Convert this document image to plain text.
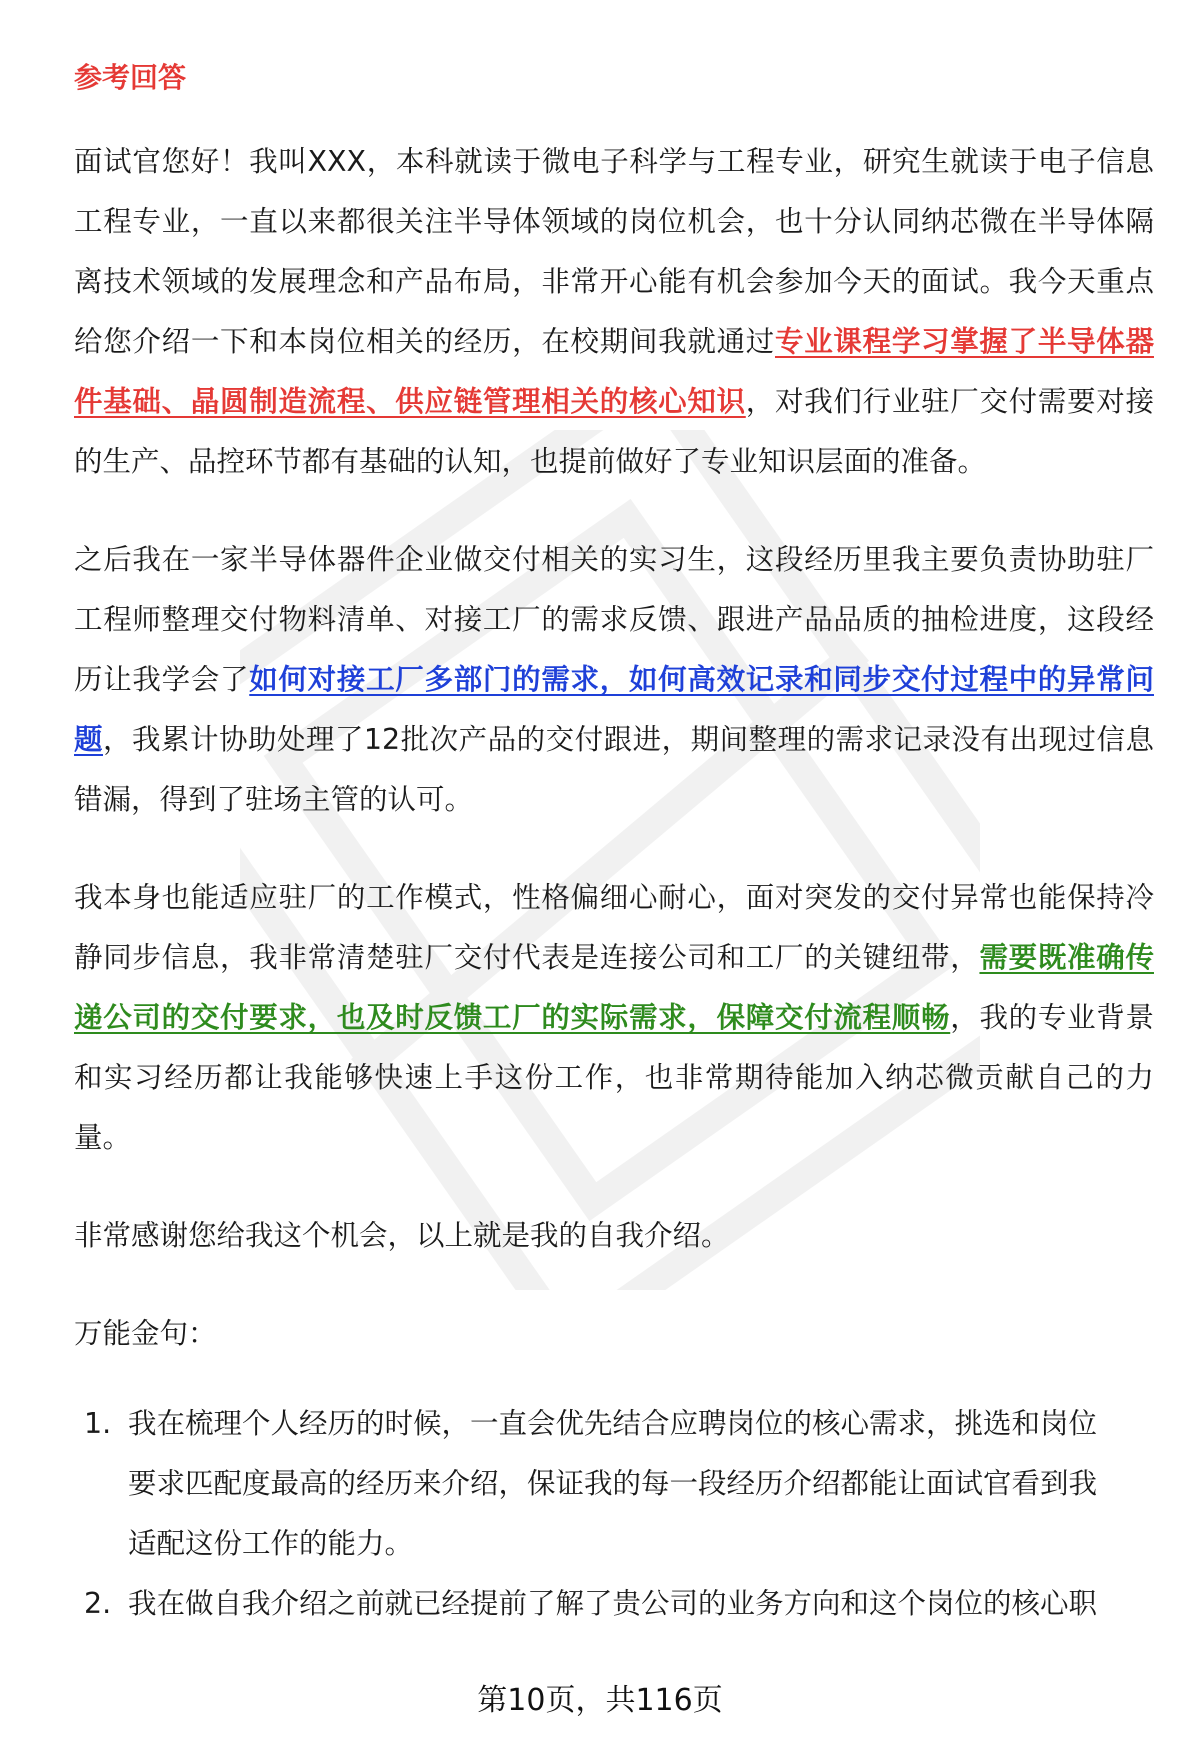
参考回答

面试官您好！我叫XXX，本科就读于微电子科学与工程专业，研究生就读于电子信息工程专业，一直以来都很关注半导体领域的岗位机会，也十分认同纳芯微在半导体隔离技术领域的发展理念和产品布局，非常开心能有机会参加今天的面试。我今天重点给您介绍一下和本岗位相关的经历，在校期间我就通过专业课程学习掌握了半导体器件基础、晶圆制造流程、供应链管理相关的核心知识，对我们行业驻厂交付需要对接的生产、品控环节都有基础的认知，也提前做好了专业知识层面的准备。

之后我在一家半导体器件企业做交付相关的实习生，这段经历里我主要负责协助驻厂工程师整理交付物料清单、对接工厂的需求反馈、跟进产品品质的抽检进度，这段经历让我学会了如何对接工厂多部门的需求，如何高效记录和同步交付过程中的异常问题，我累计协助处理了12批次产品的交付跟进，期间整理的需求记录没有出现过信息错漏，得到了驻场主管的认可。

我本身也能适应驻厂的工作模式，性格偏细心耐心，面对突发的交付异常也能保持冷静同步信息，我非常清楚驻厂交付代表是连接公司和工厂的关键纽带，需要既准确传递公司的交付要求，也及时反馈工厂的实际需求，保障交付流程顺畅，我的专业背景和实习经历都让我能够快速上手这份工作，也非常期待能加入纳芯微贡献自己的力量。

非常感谢您给我这个机会，以上就是我的自我介绍。

万能金句：

1. 我在梳理个人经历的时候，一直会优先结合应聘岗位的核心需求，挑选和岗位
要求匹配度最高的经历来介绍，保证我的每一段经历介绍都能让面试官看到我
适配这份工作的能力。
2. 我在做自我介绍之前就已经提前了解了贵公司的业务方向和这个岗位的核心职
第10页，共116页
